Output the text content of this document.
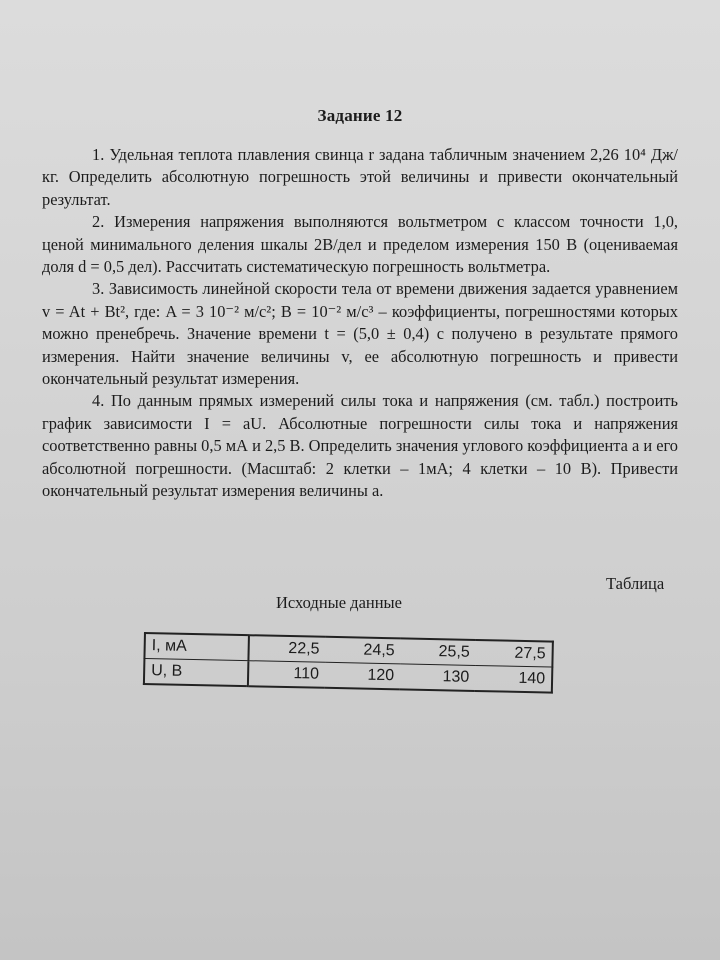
Задание 12

1. Удельная теплота плавления свинца r задана табличным значением 2,26 10⁴ Дж/кг. Определить абсолютную погрешность этой величины и привести окончательный результат.

2. Измерения напряжения выполняются вольтметром с классом точности 1,0, ценой минимального деления шкалы 2В/дел и пределом измерения 150 В (оцениваемая доля d = 0,5 дел). Рассчитать систематическую погрешность вольтметра.

3. Зависимость линейной скорости тела от времени движения задается уравнением v = At + Bt², где: A = 3 10⁻² м/с²; B = 10⁻² м/с³ – коэффициенты, погрешностями которых можно пренебречь. Значение времени t = (5,0 ± 0,4) с получено в результате прямого измерения. Найти значение величины v, ее абсолютную погрешность и привести окончательный результат измерения.

4. По данным прямых измерений силы тока и напряжения (см. табл.) построить график зависимости I = aU. Абсолютные погрешности силы тока и напряжения соответственно равны 0,5 мА и 2,5 В. Определить значения углового коэффициента а и его абсолютной погрешности. (Масштаб: 2 клетки – 1мА; 4 клетки – 10 В). Привести окончательный результат измерения величины а.

Таблица
Исходные данные
I, мА	22,5	24,5	25,5	27,5
U, В	110	120	130	140
